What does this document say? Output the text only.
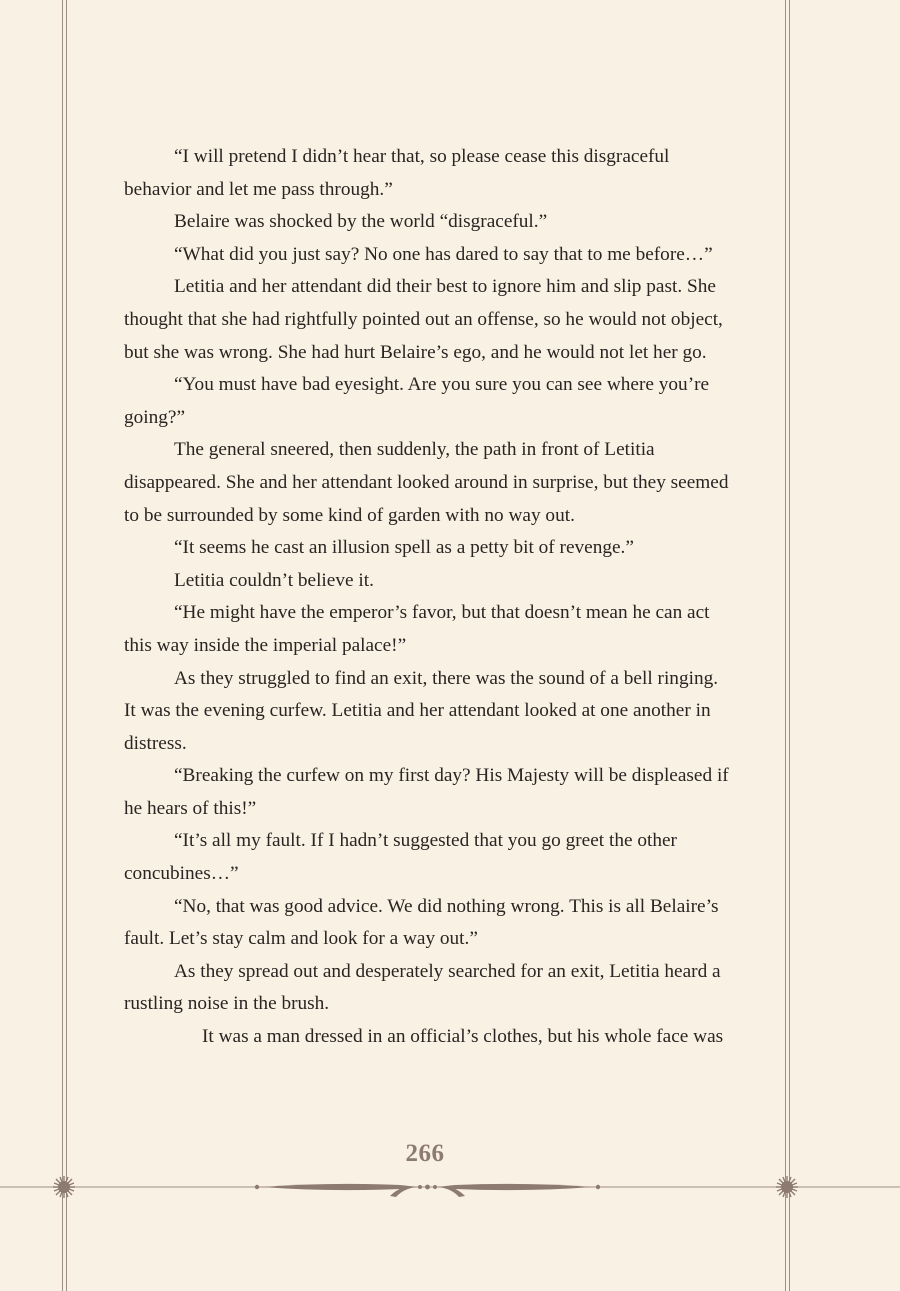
“I will pretend I didn’t hear that, so please cease this disgraceful behavior and let me pass through.”

Belaire was shocked by the world “disgraceful.”

“What did you just say? No one has dared to say that to me before…”

Letitia and her attendant did their best to ignore him and slip past. She thought that she had rightfully pointed out an offense, so he would not object, but she was wrong. She had hurt Belaire’s ego, and he would not let her go.

“You must have bad eyesight. Are you sure you can see where you’re going?”

The general sneered, then suddenly, the path in front of Letitia disappeared. She and her attendant looked around in surprise, but they seemed to be surrounded by some kind of garden with no way out.

“It seems he cast an illusion spell as a petty bit of revenge.”

Letitia couldn’t believe it.

“He might have the emperor’s favor, but that doesn’t mean he can act this way inside the imperial palace!”

As they struggled to find an exit, there was the sound of a bell ringing. It was the evening curfew. Letitia and her attendant looked at one another in distress.

“Breaking the curfew on my first day? His Majesty will be displeased if he hears of this!”

“It’s all my fault. If I hadn’t suggested that you go greet the other concubines…”

“No, that was good advice. We did nothing wrong. This is all Belaire’s fault. Let’s stay calm and look for a way out.”

As they spread out and desperately searched for an exit, Letitia heard a rustling noise in the brush.

It was a man dressed in an official’s clothes, but his whole face was

266
